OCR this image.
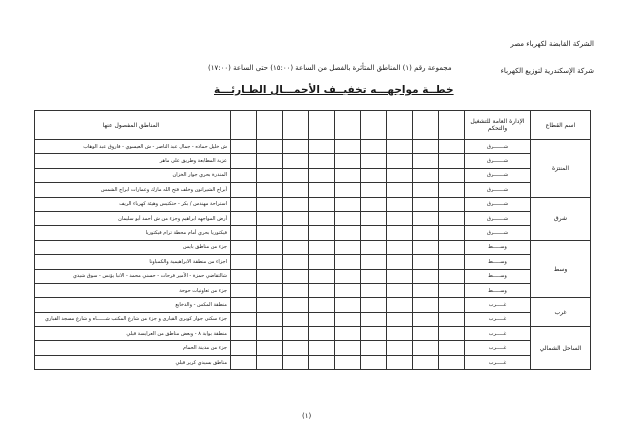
الشركة القابضة لكهرباء مصر
شركة الإسكندرية لتوزيع الكهرباء
مجموعة رقم (١) المناطق المتأثرة بالفصل من الساعة (١٥:٠٠) حتى الساعة (١٧:٠٠)
خطــة مواجهـــه تخفيــف الأحمـــال الطـارئـــة
المناطق المفصول عنها										الإدارة العامة للتشغيل والتحكم	اسم القطاع
ش خليل حماده - جمال عبد الناصر - ش العيسوي - فاروق عبد الوهاب										شـــــــرق	المنتزة
عزبة المطابعة وطريق على ماهر										شـــــــرق	
المندرة بحري جوار الخزان										شـــــــرق	
أبراج الشيراتون وخلف فتح الله مازك وعمارات ابراج الشمس										شـــــــرق	
استراحة مهندس / بكر - حتكتيس وهيئة كهرباء الريف										شـــــــرق	شرق
أرض المواجهه ابراهيم وجزء من ش أحمد أبو سليمان										شـــــــرق	
فيكتوريا بحري أمام محطة ترام فيكتوريا										شـــــــرق	
جزء من مناطق بايس										وســـــط	وسط
اجزاء من منطقة الابراهيمية والكمباونا										وســـــط	
شالتقاضي حمزة - الأمير فرحات - حسني محمد - الانبا يؤنس - سوق شيدي										وســـــط	
جزء من تعاونيات حوحة										وســـــط	
منطقة المكس - والدخايع										غـــــرب	غرب
جزء سكنى جوار كوبرى القبارى و جزء من شارع المكتب شــــــاه و شارع مسجد القباري										غـــــرب	
منطقة بوابة ٨ - وبعض مناطق من العرايسة قبلي										غـــــرب	الساحل الشمالي
جزء من مدينة الحمام										غـــــرب	
مناطق بسيدي كرير قبلي										غـــــرب	
(١)
